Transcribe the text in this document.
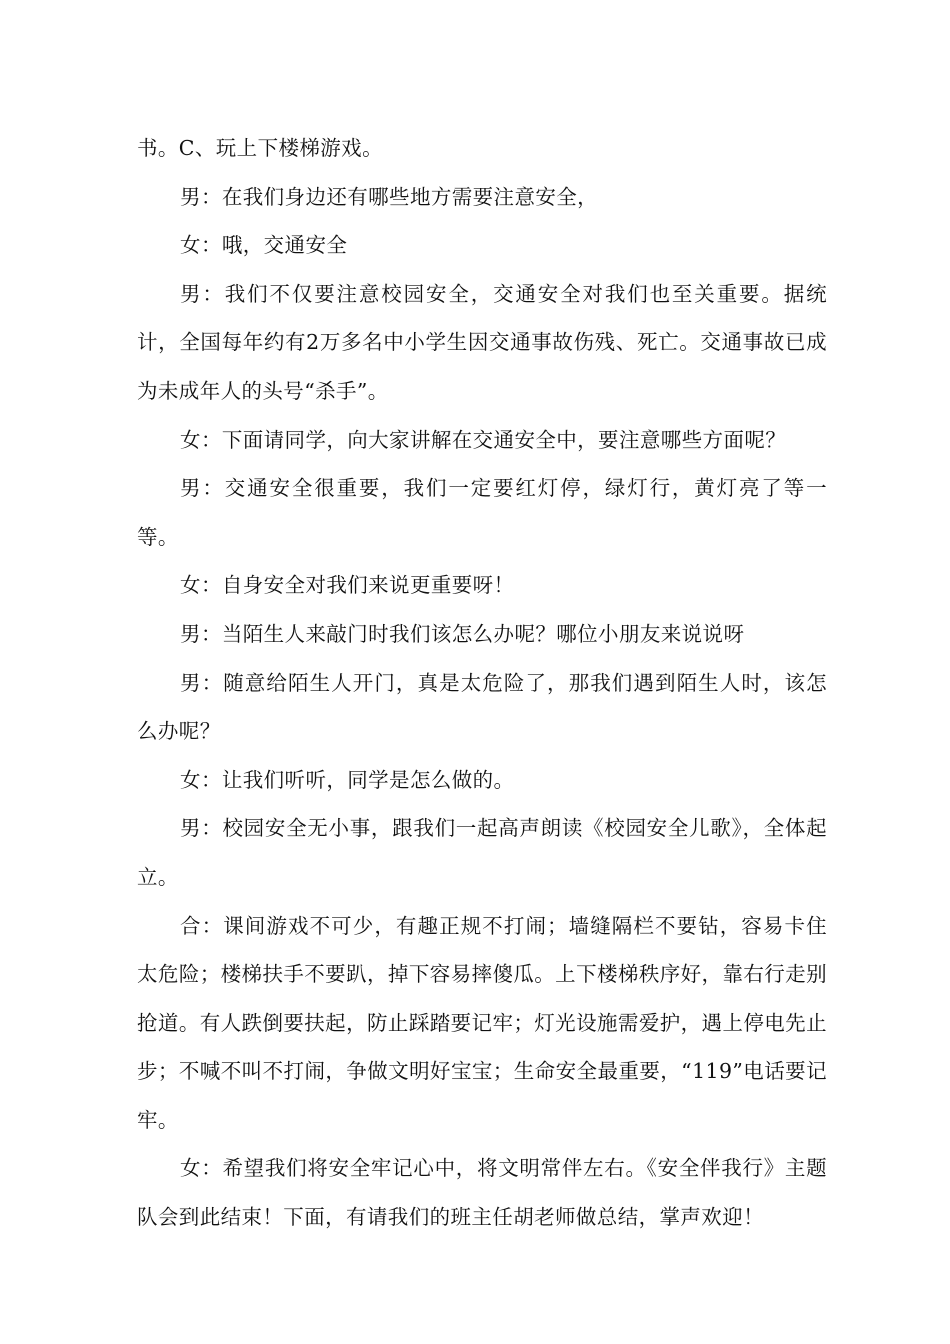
书。C、玩上下楼梯游戏。

男：在我们身边还有哪些地方需要注意安全，

女：哦，交通安全

男：我们不仅要注意校园安全，交通安全对我们也至关重要。据统计，全国每年约有2万多名中小学生因交通事故伤残、死亡。交通事故已成为未成年人的头号“杀手”。

女：下面请同学，向大家讲解在交通安全中，要注意哪些方面呢？

男：交通安全很重要，我们一定要红灯停，绿灯行，黄灯亮了等一等。

女：自身安全对我们来说更重要呀！

男：当陌生人来敲门时我们该怎么办呢？哪位小朋友来说说呀

男：随意给陌生人开门，真是太危险了，那我们遇到陌生人时，该怎么办呢？

女：让我们听听，同学是怎么做的。

男：校园安全无小事，跟我们一起高声朗读《校园安全儿歌》，全体起立。

合：课间游戏不可少，有趣正规不打闹；墙缝隔栏不要钻，容易卡住太危险；楼梯扶手不要趴，掉下容易摔傻瓜。上下楼梯秩序好，靠右行走别抢道。有人跌倒要扶起，防止踩踏要记牢；灯光设施需爱护，遇上停电先止步；不喊不叫不打闹，争做文明好宝宝；生命安全最重要，“119”电话要记牢。

女：希望我们将安全牢记心中，将文明常伴左右。《安全伴我行》主题队会到此结束！下面，有请我们的班主任胡老师做总结，掌声欢迎！
